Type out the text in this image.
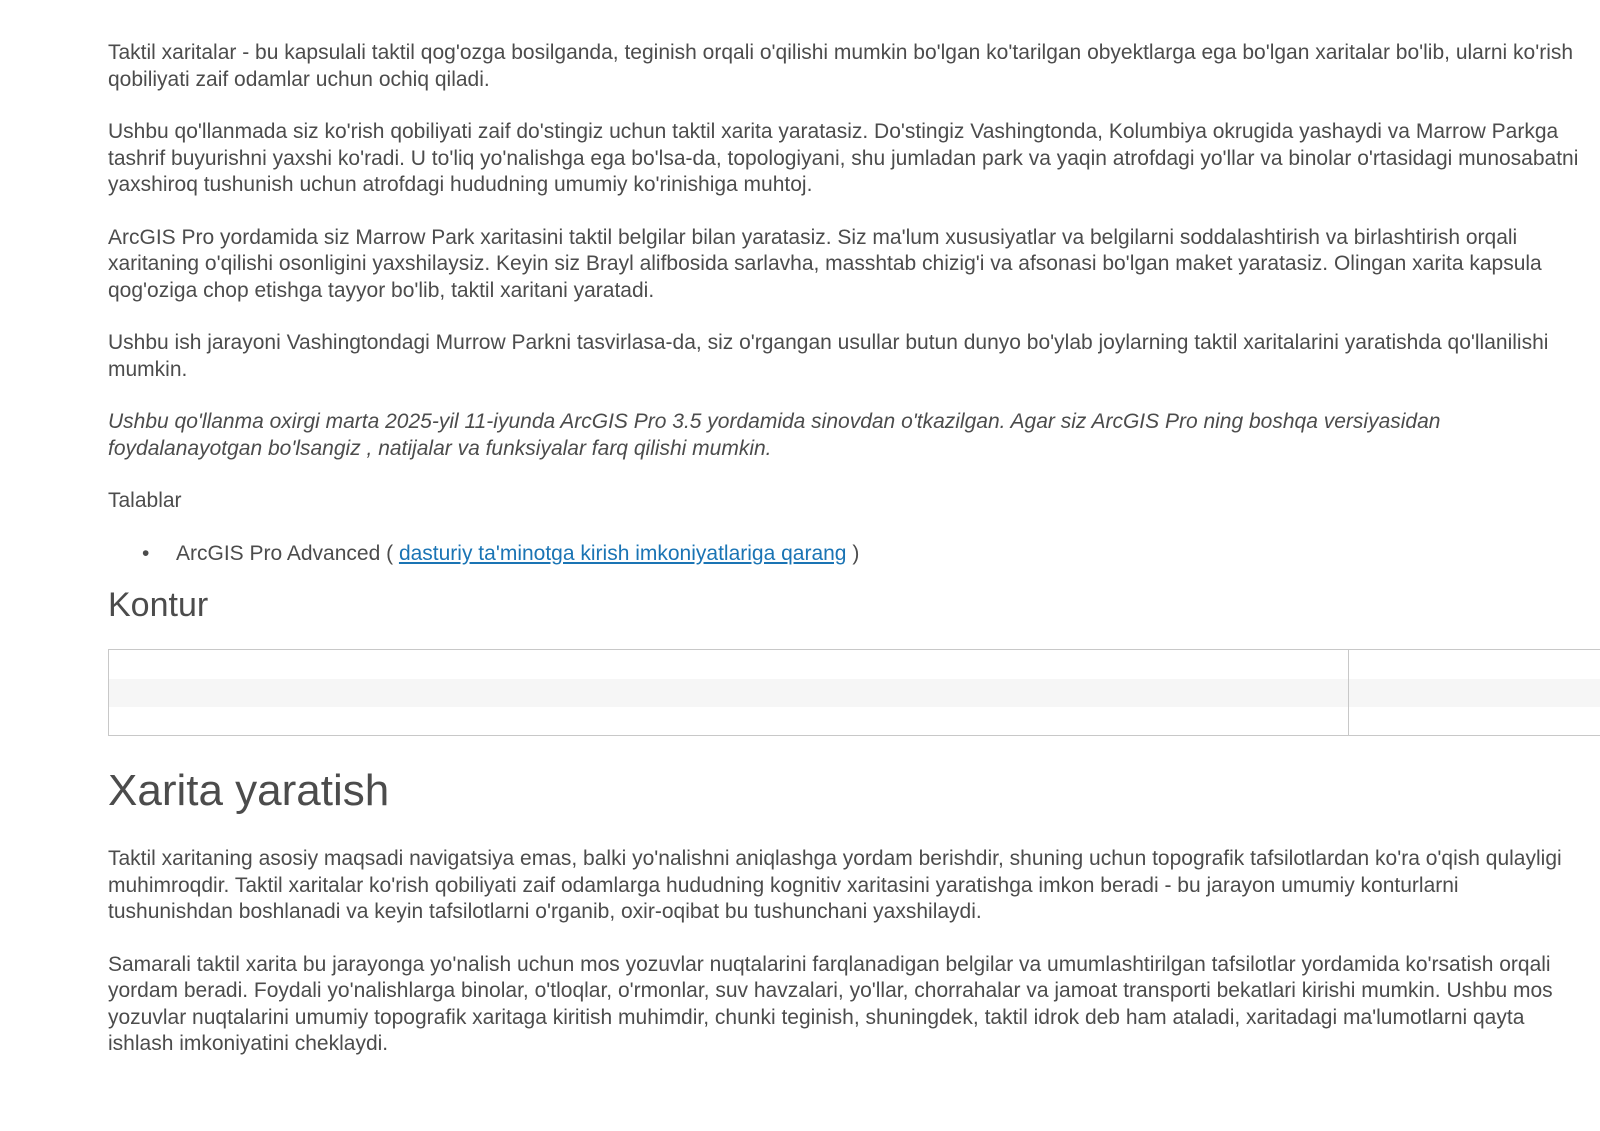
Taktil xaritalar - bu kapsulali taktil qog'ozga bosilganda, teginish orqali o'qilishi mumkin bo'lgan ko'tarilgan obyektlarga ega bo'lgan xaritalar bo'lib, ularni ko'rish qobiliyati zaif odamlar uchun ochiq qiladi.

Ushbu qo'llanmada siz ko'rish qobiliyati zaif do'stingiz uchun taktil xarita yaratasiz. Do'stingiz Vashingtonda, Kolumbiya okrugida yashaydi va Marrow Parkga tashrif buyurishni yaxshi ko'radi. U to'liq yo'nalishga ega bo'lsa-da, topologiyani, shu jumladan park va yaqin atrofdagi yo'llar va binolar o'rtasidagi munosabatni yaxshiroq tushunish uchun atrofdagi hududning umumiy ko'rinishiga muhtoj.

ArcGIS Pro yordamida siz Marrow Park xaritasini taktil belgilar bilan yaratasiz. Siz ma'lum xususiyatlar va belgilarni soddalashtirish va birlashtirish orqali xaritaning o'qilishi osonligini yaxshilaysiz. Keyin siz Brayl alifbosida sarlavha, masshtab chizig'i va afsonasi bo'lgan maket yaratasiz. Olingan xarita kapsula qog'oziga chop etishga tayyor bo'lib, taktil xaritani yaratadi.

Ushbu ish jarayoni Vashingtondagi Murrow Parkni tasvirlasa-da, siz o'rgangan usullar butun dunyo bo'ylab joylarning taktil xaritalarini yaratishda qo'llanilishi mumkin.

Ushbu qo'llanma oxirgi marta 2025-yil 11-iyunda ArcGIS Pro 3.5 yordamida sinovdan o'tkazilgan. Agar siz ArcGIS Pro ning boshqa versiyasidan foydalanayotgan bo'lsangiz , natijalar va funksiyalar farq qilishi mumkin.

Talablar

• ArcGIS Pro Advanced ( dasturiy ta'minotga kirish imkoniyatlariga qarang )
Kontur
Xarita yaratish

Taktil xaritaning asosiy maqsadi navigatsiya emas, balki yo'nalishni aniqlashga yordam berishdir, shuning uchun topografik tafsilotlardan ko'ra o'qish qulayligi muhimroqdir. Taktil xaritalar ko'rish qobiliyati zaif odamlarga hududning kognitiv xaritasini yaratishga imkon beradi - bu jarayon umumiy konturlarni tushunishdan boshlanadi va keyin tafsilotlarni o'rganib, oxir-oqibat bu tushunchani yaxshilaydi.

Samarali taktil xarita bu jarayonga yo'nalish uchun mos yozuvlar nuqtalarini farqlanadigan belgilar va umumlashtirilgan tafsilotlar yordamida ko'rsatish orqali yordam beradi. Foydali yo'nalishlarga binolar, o'tloqlar, o'rmonlar, suv havzalari, yo'llar, chorrahalar va jamoat transporti bekatlari kirishi mumkin. Ushbu mos yozuvlar nuqtalarini umumiy topografik xaritaga kiritish muhimdir, chunki teginish, shuningdek, taktil idrok deb ham ataladi, xaritadagi ma'lumotlarni qayta ishlash imkoniyatini cheklaydi.
